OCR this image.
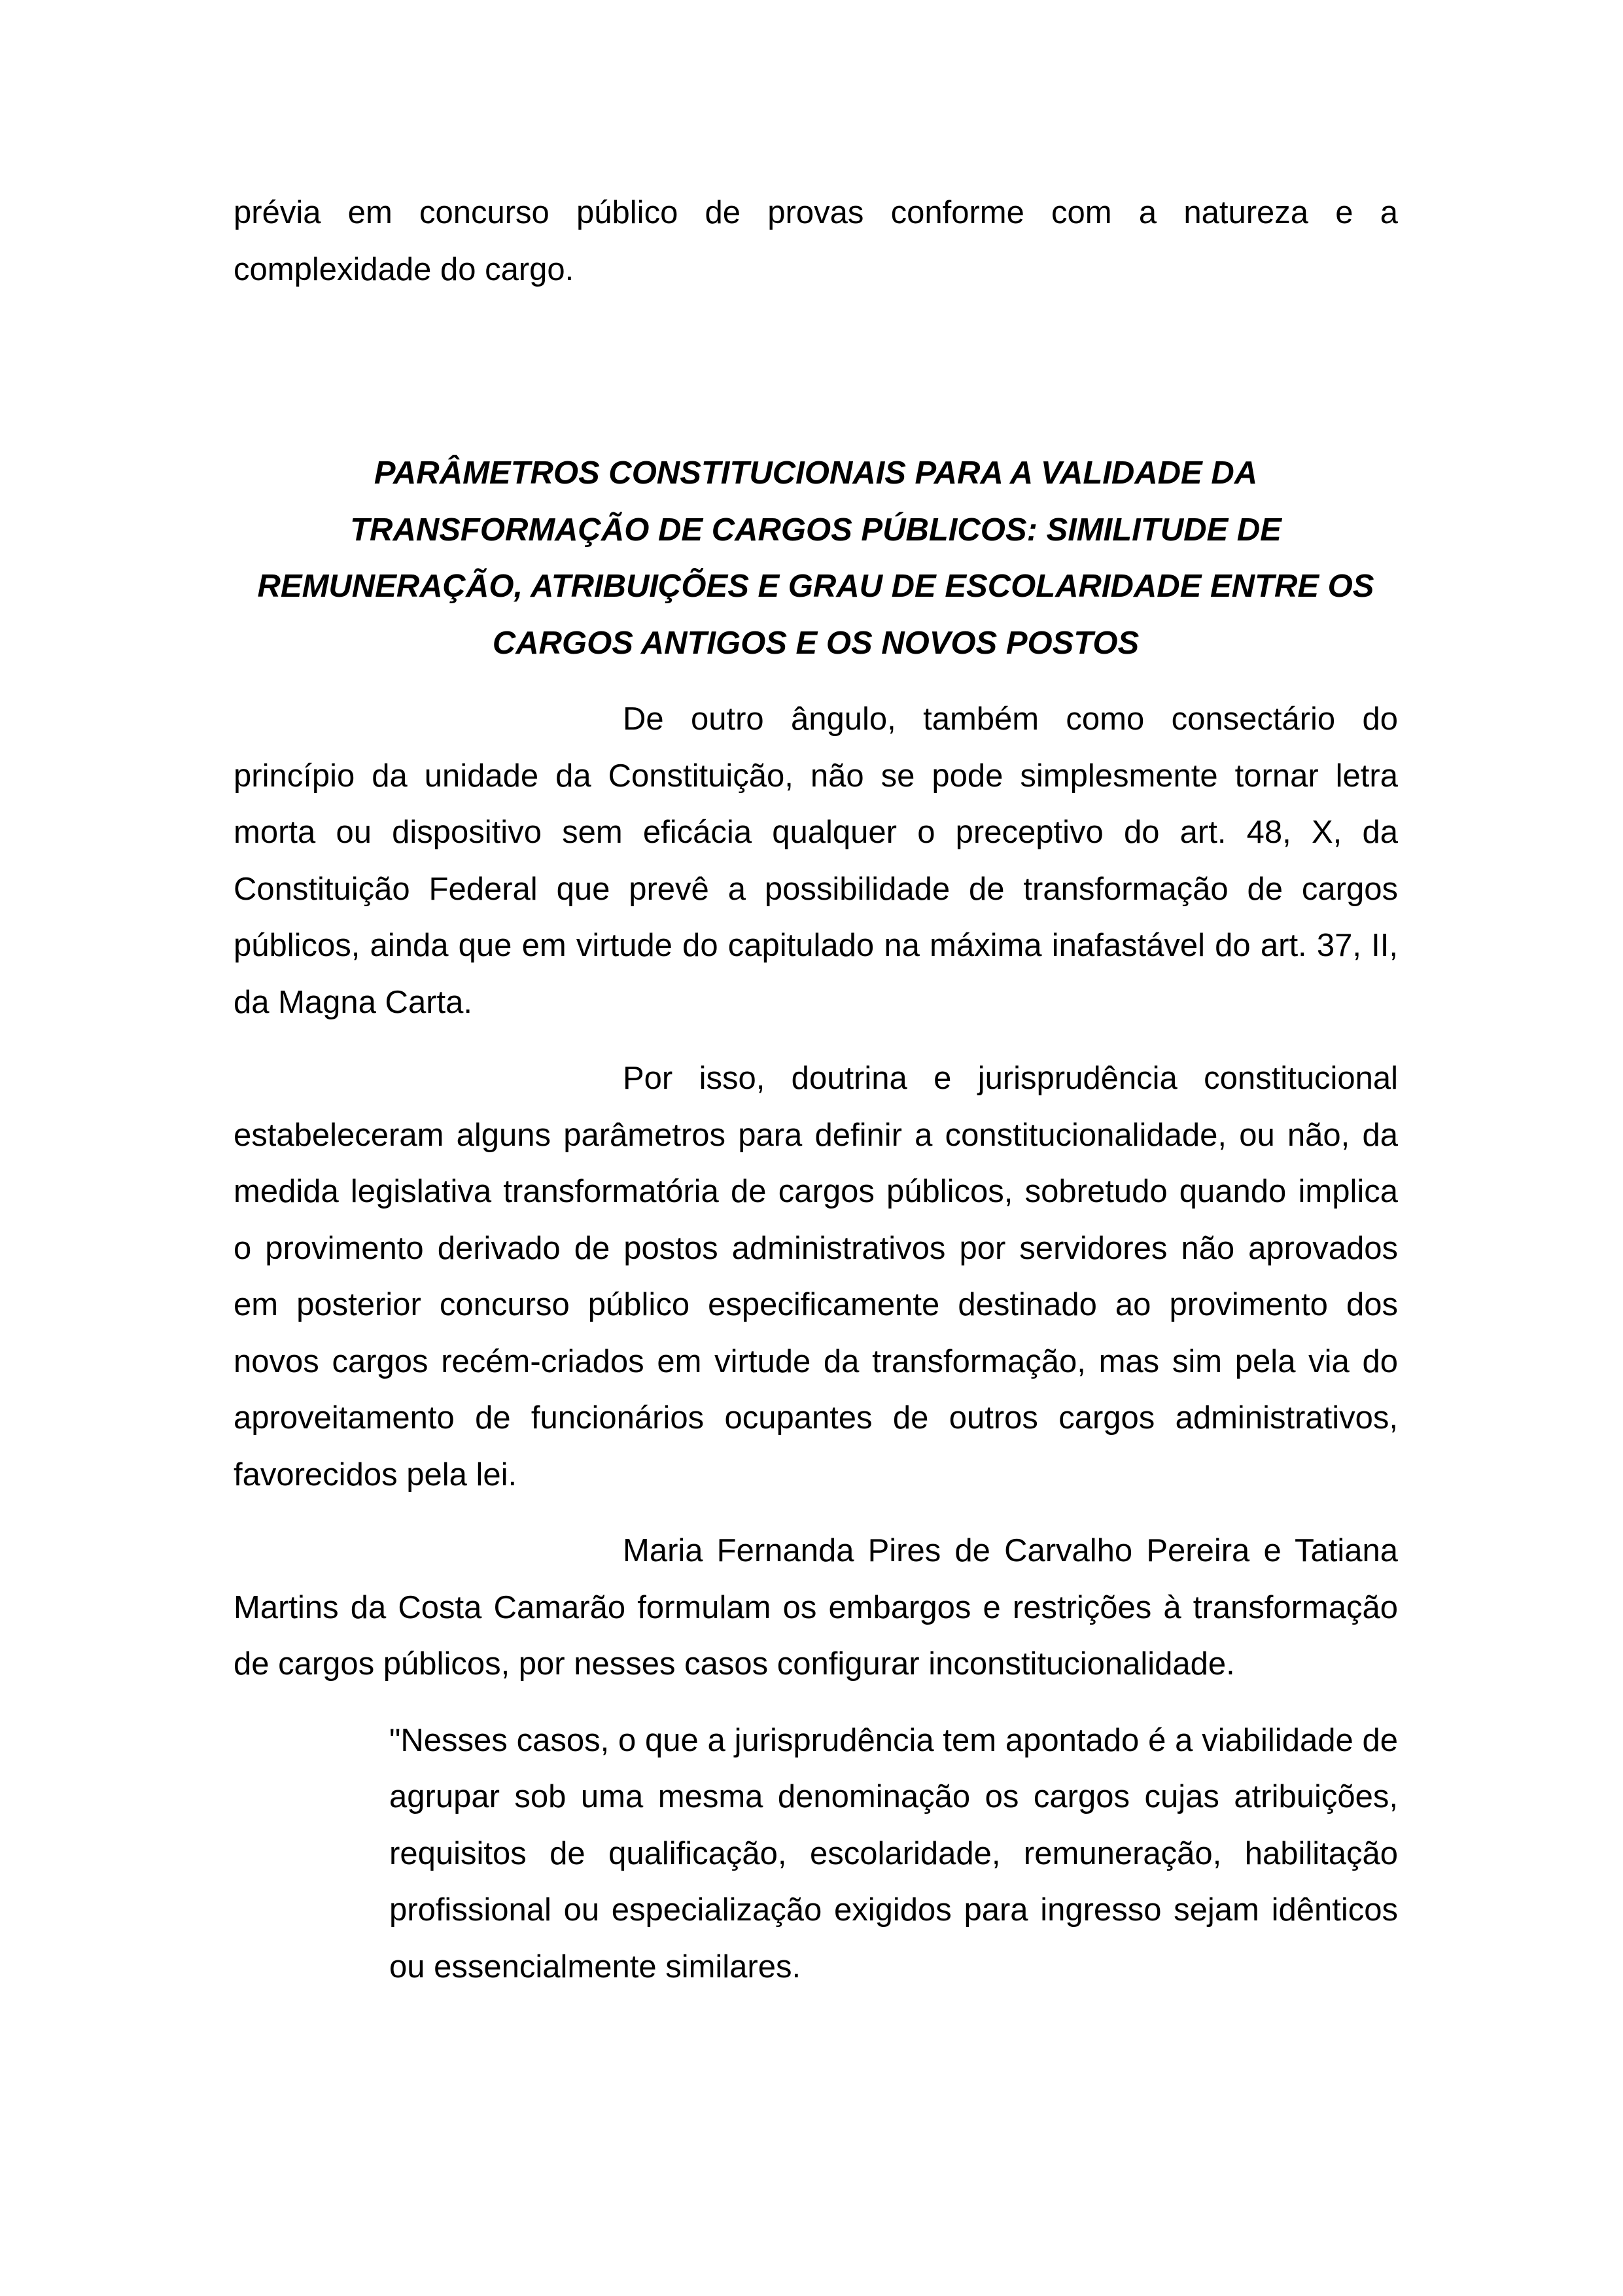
prévia em concurso público de provas conforme com a natureza e a complexidade do cargo.

PARÂMETROS CONSTITUCIONAIS PARA A VALIDADE DA TRANSFORMAÇÃO DE CARGOS PÚBLICOS: SIMILITUDE DE REMUNERAÇÃO, ATRIBUIÇÕES E GRAU DE ESCOLARIDADE ENTRE OS CARGOS ANTIGOS E OS NOVOS POSTOS

De outro ângulo, também como consectário do princípio da unidade da Constituição, não se pode simplesmente tornar letra morta ou dispositivo sem eficácia qualquer o preceptivo do art. 48, X, da Constituição Federal que prevê a possibilidade de transformação de cargos públicos, ainda que em virtude do capitulado na máxima inafastável do art. 37, II, da Magna Carta.

Por isso, doutrina e jurisprudência constitucional estabeleceram alguns parâmetros para definir a constitucionalidade, ou não, da medida legislativa transformatória de cargos públicos, sobretudo quando implica o provimento derivado de postos administrativos por servidores não aprovados em posterior concurso público especificamente destinado ao provimento dos novos cargos recém-criados em virtude da transformação, mas sim pela via do aproveitamento de funcionários ocupantes de outros cargos administrativos, favorecidos pela lei.

Maria Fernanda Pires de Carvalho Pereira e Tatiana Martins da Costa Camarão formulam os embargos e restrições à transformação de cargos públicos, por nesses casos configurar inconstitucionalidade.

"Nesses casos, o que a jurisprudência tem apontado é a viabilidade de agrupar sob uma mesma denominação os cargos cujas atribuições, requisitos de qualificação, escolaridade, remuneração, habilitação profissional ou especialização exigidos para ingresso sejam idênticos ou essencialmente similares.
